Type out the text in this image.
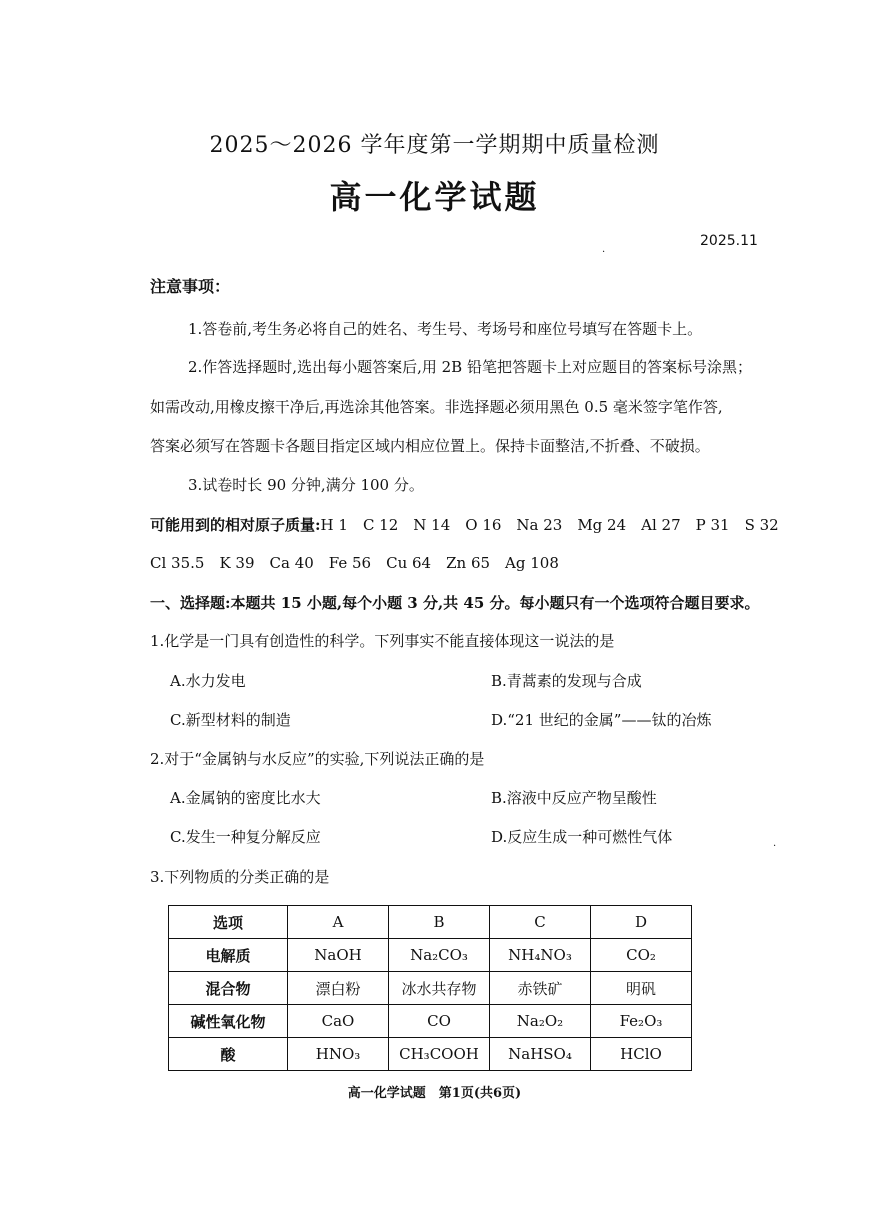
2025～2026 学年度第一学期期中质量检测
高一化学试题
.
2025.11
注意事项：
1.答卷前,考生务必将自己的姓名、考生号、考场号和座位号填写在答题卡上。
2.作答选择题时,选出每小题答案后,用 2B 铅笔把答题卡上对应题目的答案标号涂黑；
如需改动,用橡皮擦干净后,再选涂其他答案。非选择题必须用黑色 0.5 毫米签字笔作答,
答案必须写在答题卡各题目指定区域内相应位置上。保持卡面整洁,不折叠、不破损。
3.试卷时长 90 分钟,满分 100 分。
可能用到的相对原子质量:H 1　C 12　N 14　O 16　Na 23　Mg 24　Al 27　P 31　S 32
Cl 35.5　K 39　Ca 40　Fe 56　Cu 64　Zn 65　Ag 108
一、选择题:本题共 15 小题,每个小题 3 分,共 45 分。每小题只有一个选项符合题目要求。
1.化学是一门具有创造性的科学。下列事实不能直接体现这一说法的是
A.水力发电	B.青蒿素的发现与合成
C.新型材料的制造	D.“21 世纪的金属”——钛的冶炼
2.对于“金属钠与水反应”的实验,下列说法正确的是
A.金属钠的密度比水大	B.溶液中反应产物呈酸性
C.发生一种复分解反应	D.反应生成一种可燃性气体	.
3.下列物质的分类正确的是
选项	A	B	C	D
电解质	NaOH	Na₂CO₃	NH₄NO₃	CO₂
混合物	漂白粉	冰水共存物	赤铁矿	明矾
碱性氧化物	CaO	CO	Na₂O₂	Fe₂O₃
酸	HNO₃	CH₃COOH	NaHSO₄	HClO
高一化学试题　第1页(共6页)
